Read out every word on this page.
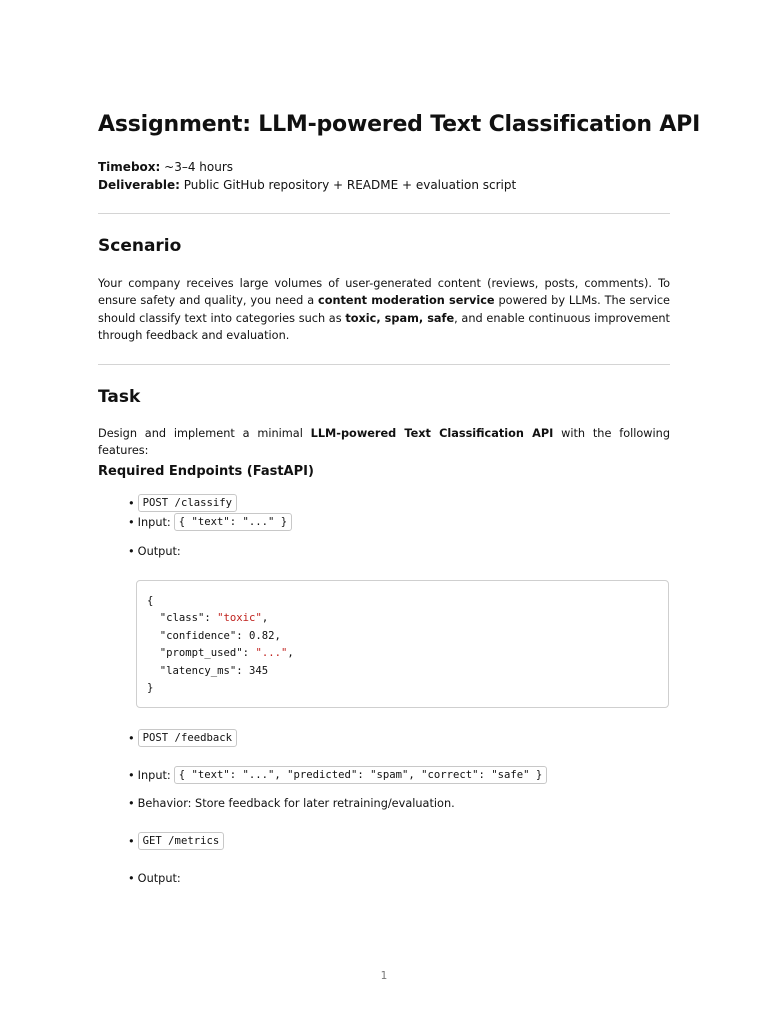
Assignment: LLM-powered Text Classification API
Timebox: ~3–4 hours
Deliverable: Public GitHub repository + README + evaluation script
Scenario

Your company receives large volumes of user-generated content (reviews, posts, comments). To ensure safety and quality, you need a content moderation service powered by LLMs. The service should classify text into categories such as toxic, spam, safe, and enable continuous improvement through feedback and evaluation.

Task

Design and implement a minimal LLM-powered Text Classification API with the following features:

Required Endpoints (FastAPI)
• POST /classify
• Input: { "text": "..." }
• Output:
{
"class": "toxic",
"confidence": 0.82,
"prompt_used": "...",
"latency_ms": 345
}
• POST /feedback
• Input: { "text": "...", "predicted": "spam", "correct": "safe" }
• Behavior: Store feedback for later retraining/evaluation.
• GET /metrics
• Output:
1
